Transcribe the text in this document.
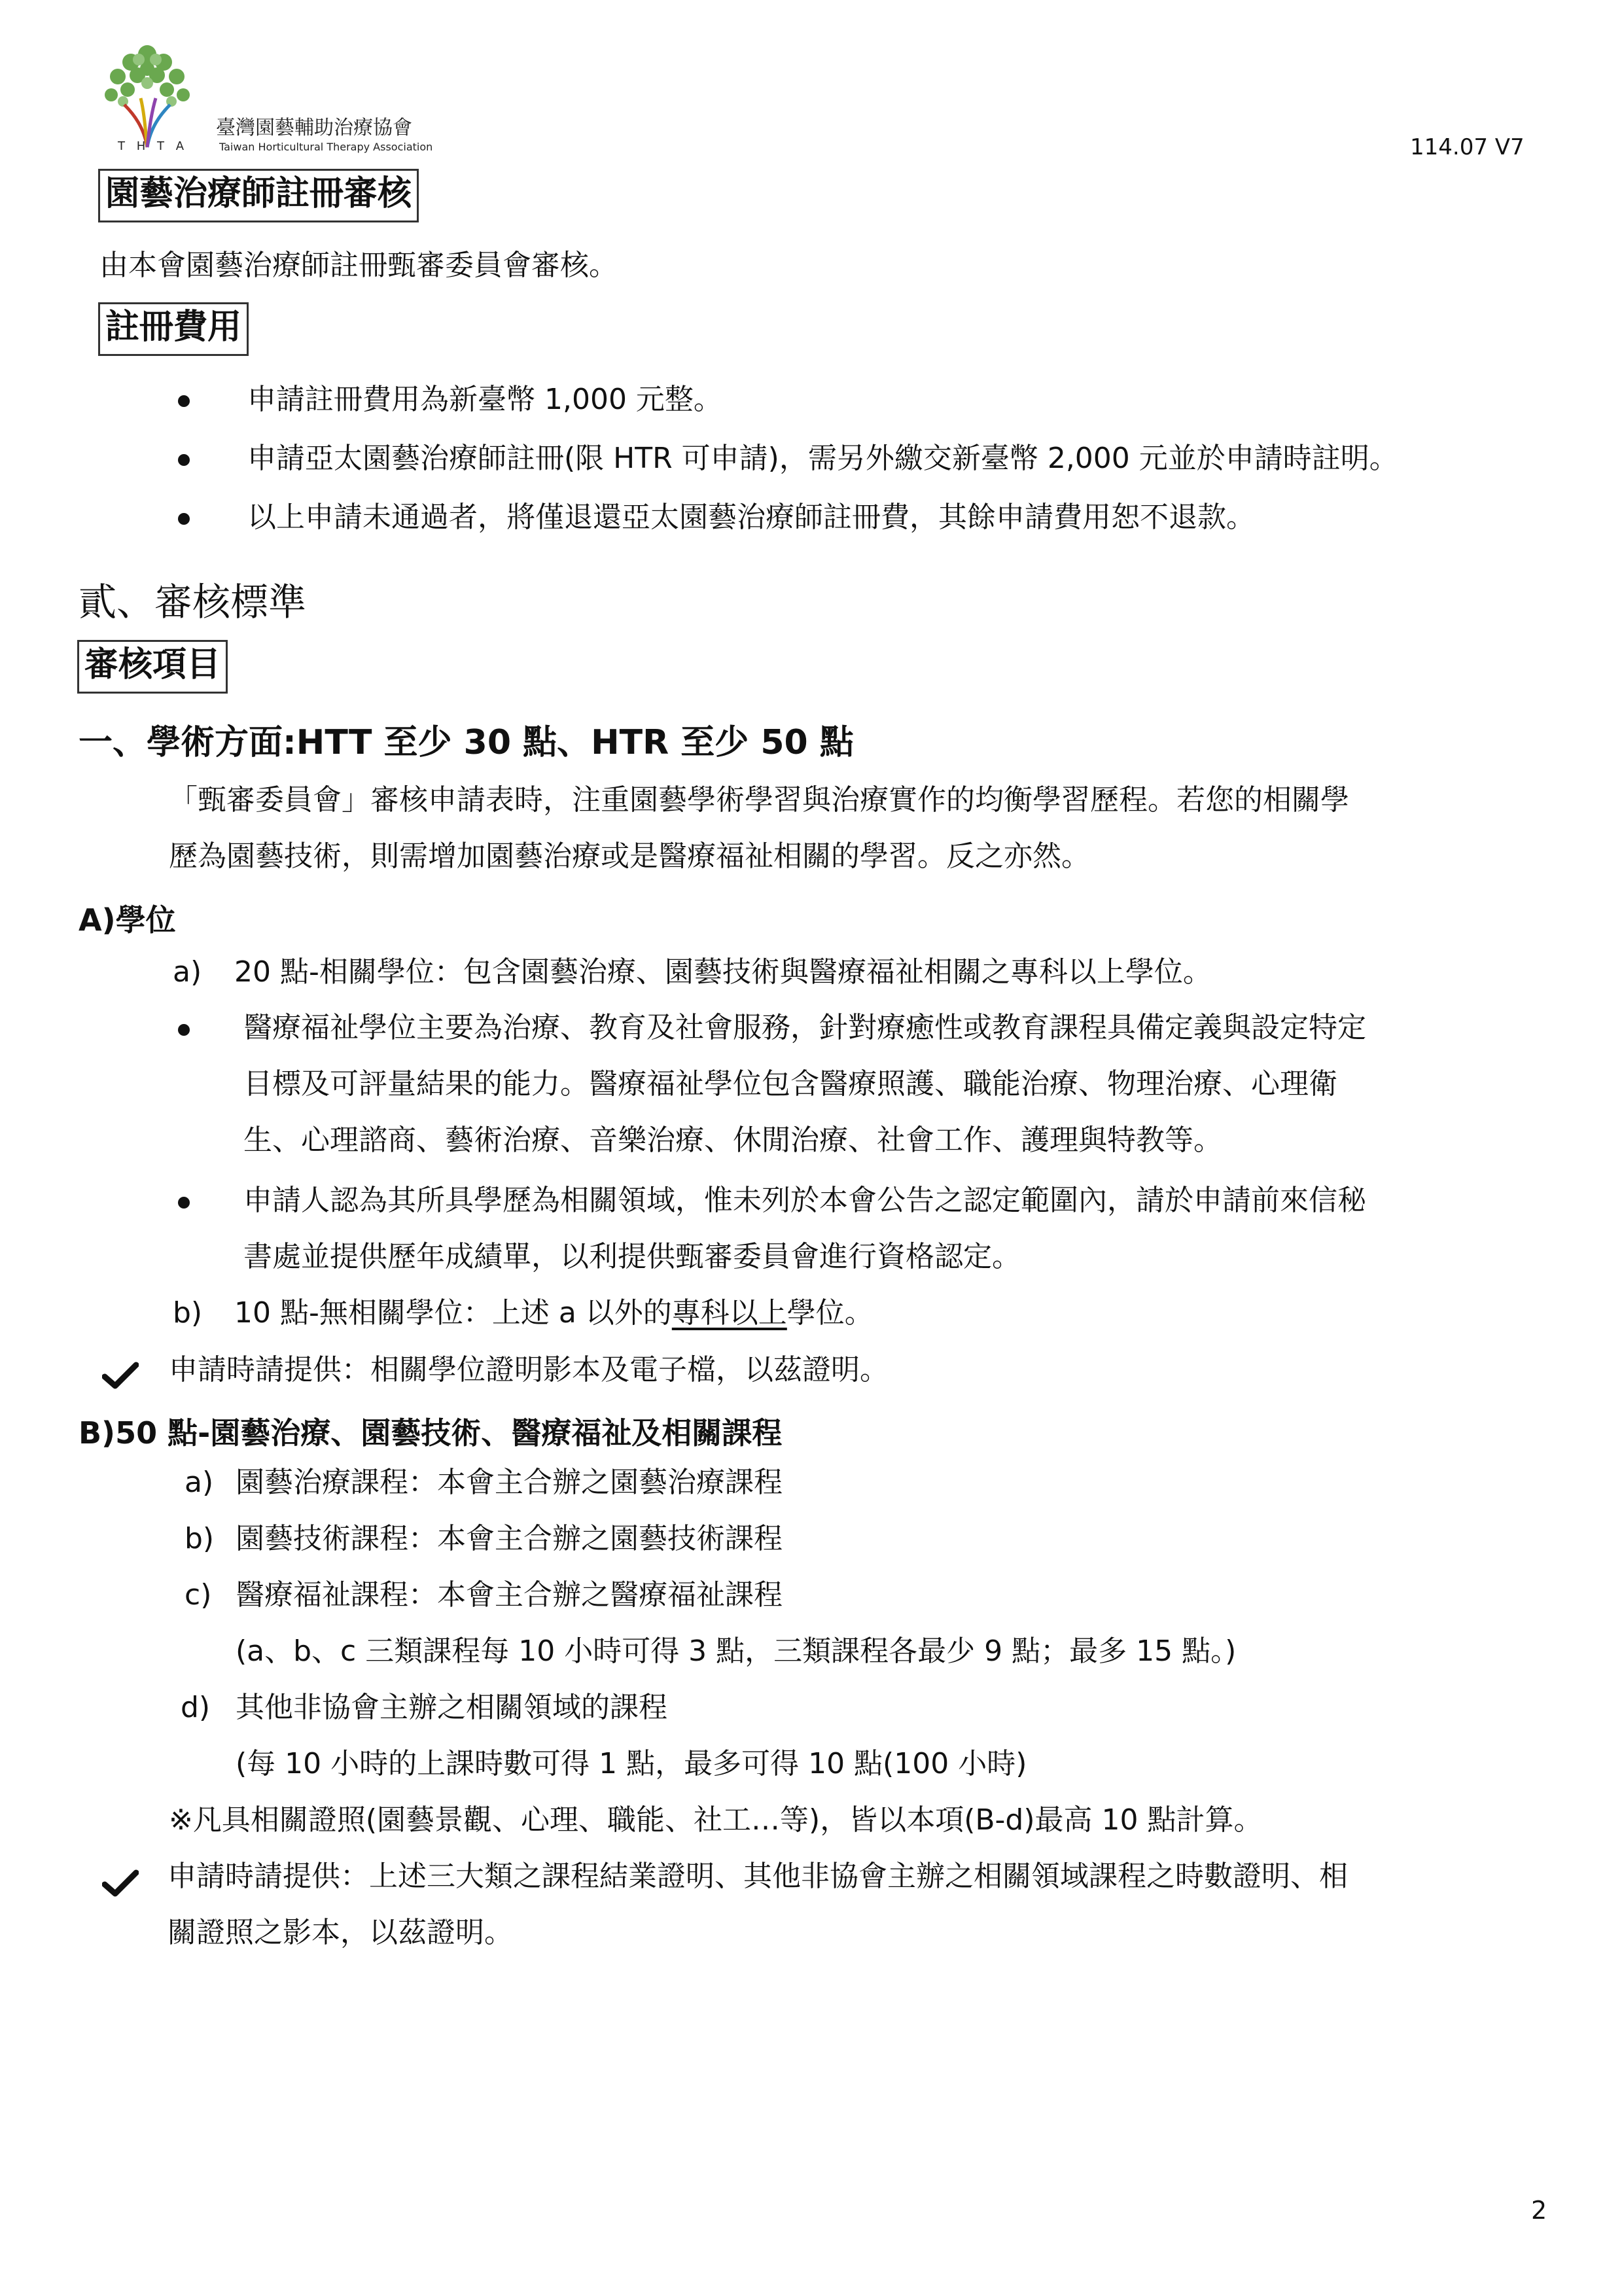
臺灣園藝輔助治療協會
T H T A	Taiwan Horticultural Therapy Association	114.07 V7
園藝治療師註冊審核
由本會園藝治療師註冊甄審委員會審核。
註冊費用
申請註冊費用為新臺幣 1,000 元整。
申請亞太園藝治療師註冊(限 HTR 可申請)，需另外繳交新臺幣 2,000 元並於申請時註明。
以上申請未通過者，將僅退還亞太園藝治療師註冊費，其餘申請費用恕不退款。
貳、審核標準
審核項目
一、學術方面:HTT 至少 30 點、HTR 至少 50 點
「甄審委員會」審核申請表時，注重園藝學術學習與治療實作的均衡學習歷程。若您的相關學
歷為園藝技術，則需增加園藝治療或是醫療福祉相關的學習。反之亦然。
A)學位
a) 20 點-相關學位：包含園藝治療、園藝技術與醫療福祉相關之專科以上學位。
醫療福祉學位主要為治療、教育及社會服務，針對療癒性或教育課程具備定義與設定特定
目標及可評量結果的能力。醫療福祉學位包含醫療照護、職能治療、物理治療、心理衛
生、心理諮商、藝術治療、音樂治療、休閒治療、社會工作、護理與特教等。
申請人認為其所具學歷為相關領域，惟未列於本會公告之認定範圍內，請於申請前來信秘
書處並提供歷年成績單，以利提供甄審委員會進行資格認定。
b) 10 點-無相關學位：上述 a 以外的專科以上學位。
申請時請提供：相關學位證明影本及電子檔，以茲證明。
B)50 點-園藝治療、園藝技術、醫療福祉及相關課程
a) 園藝治療課程：本會主合辦之園藝治療課程
b) 園藝技術課程：本會主合辦之園藝技術課程
c) 醫療福祉課程：本會主合辦之醫療福祉課程
(a、b、c 三類課程每 10 小時可得 3 點，三類課程各最少 9 點；最多 15 點。)
d) 其他非協會主辦之相關領域的課程
(每 10 小時的上課時數可得 1 點，最多可得 10 點(100 小時)
※凡具相關證照(園藝景觀、心理、職能、社工…等)，皆以本項(B-d)最高 10 點計算。
申請時請提供：上述三大類之課程結業證明、其他非協會主辦之相關領域課程之時數證明、相
關證照之影本，以茲證明。
2
